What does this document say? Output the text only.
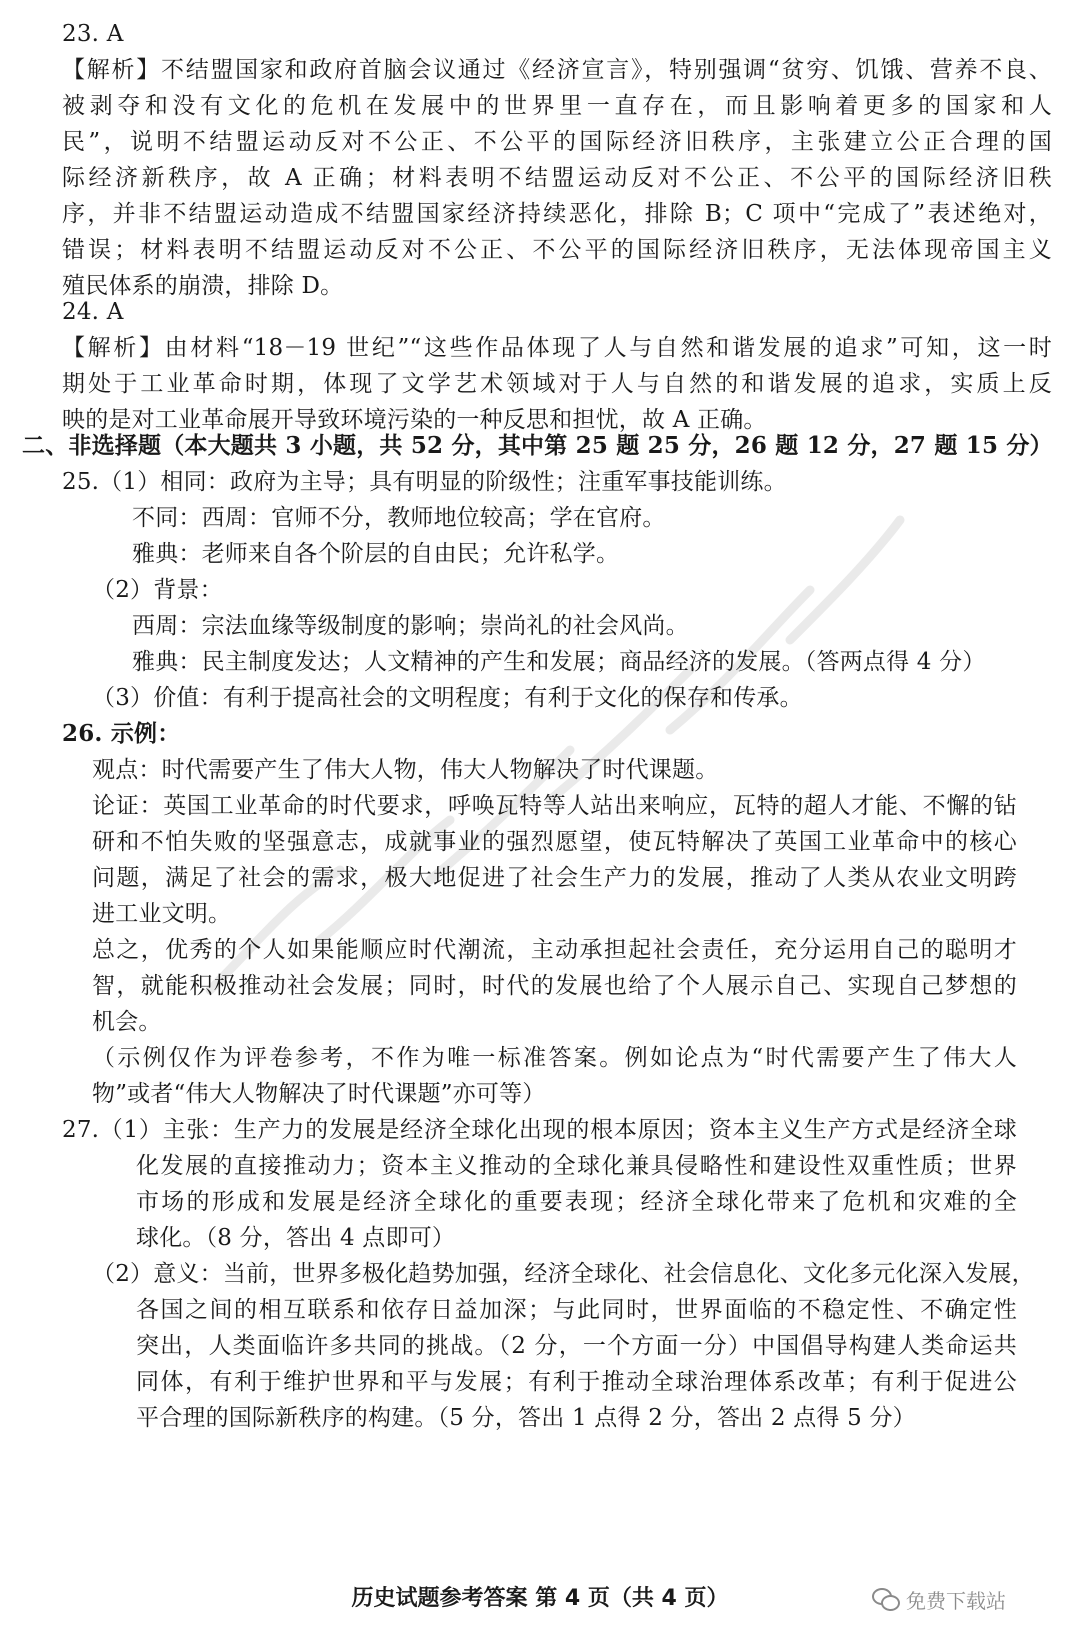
23. A
【解析】不结盟国家和政府首脑会议通过《经济宣言》，特别强调“贫穷、饥饿、营养不良、
被剥夺和没有文化的危机在发展中的世界里一直存在，而且影响着更多的国家和人
民”，说明不结盟运动反对不公正、不公平的国际经济旧秩序，主张建立公正合理的国
际经济新秩序，故 A 正确；材料表明不结盟运动反对不公正、不公平的国际经济旧秩
序，并非不结盟运动造成不结盟国家经济持续恶化，排除 B；C 项中“完成了”表述绝对，
错误；材料表明不结盟运动反对不公正、不公平的国际经济旧秩序，无法体现帝国主义
殖民体系的崩溃，排除 D。
24. A
【解析】由材料“18－19 世纪”“这些作品体现了人与自然和谐发展的追求”可知，这一时
期处于工业革命时期，体现了文学艺术领域对于人与自然的和谐发展的追求，实质上反
映的是对工业革命展开导致环境污染的一种反思和担忧，故 A 正确。
二、非选择题（本大题共 3 小题，共 52 分，其中第 25 题 25 分，26 题 12 分，27 题 15 分）
25.（1）相同：政府为主导；具有明显的阶级性；注重军事技能训练。
不同：西周：官师不分，教师地位较高；学在官府。
雅典：老师来自各个阶层的自由民；允许私学。
（2）背景：
西周：宗法血缘等级制度的影响；崇尚礼的社会风尚。
雅典：民主制度发达；人文精神的产生和发展；商品经济的发展。（答两点得 4 分）
（3）价值：有利于提高社会的文明程度；有利于文化的保存和传承。
26. 示例：
观点：时代需要产生了伟大人物，伟大人物解决了时代课题。
论证：英国工业革命的时代要求，呼唤瓦特等人站出来响应，瓦特的超人才能、不懈的钻
研和不怕失败的坚强意志，成就事业的强烈愿望，使瓦特解决了英国工业革命中的核心
问题，满足了社会的需求，极大地促进了社会生产力的发展，推动了人类从农业文明跨
进工业文明。
总之，优秀的个人如果能顺应时代潮流，主动承担起社会责任，充分运用自己的聪明才
智，就能积极推动社会发展；同时，时代的发展也给了个人展示自己、实现自己梦想的
机会。
（示例仅作为评卷参考，不作为唯一标准答案。例如论点为“时代需要产生了伟大人
物”或者“伟大人物解决了时代课题”亦可等）
27.（1）主张：生产力的发展是经济全球化出现的根本原因；资本主义生产方式是经济全球
化发展的直接推动力；资本主义推动的全球化兼具侵略性和建设性双重性质；世界
市场的形成和发展是经济全球化的重要表现；经济全球化带来了危机和灾难的全
球化。（8 分，答出 4 点即可）
（2）意义：当前，世界多极化趋势加强，经济全球化、社会信息化、文化多元化深入发展，
各国之间的相互联系和依存日益加深；与此同时，世界面临的不稳定性、不确定性
突出，人类面临许多共同的挑战。（2 分，一个方面一分）中国倡导构建人类命运共
同体，有利于维护世界和平与发展；有利于推动全球治理体系改革；有利于促进公
平合理的国际新秩序的构建。（5 分，答出 1 点得 2 分，答出 2 点得 5 分）
历史试题参考答案 第 4 页（共 4 页）	免费下载站
